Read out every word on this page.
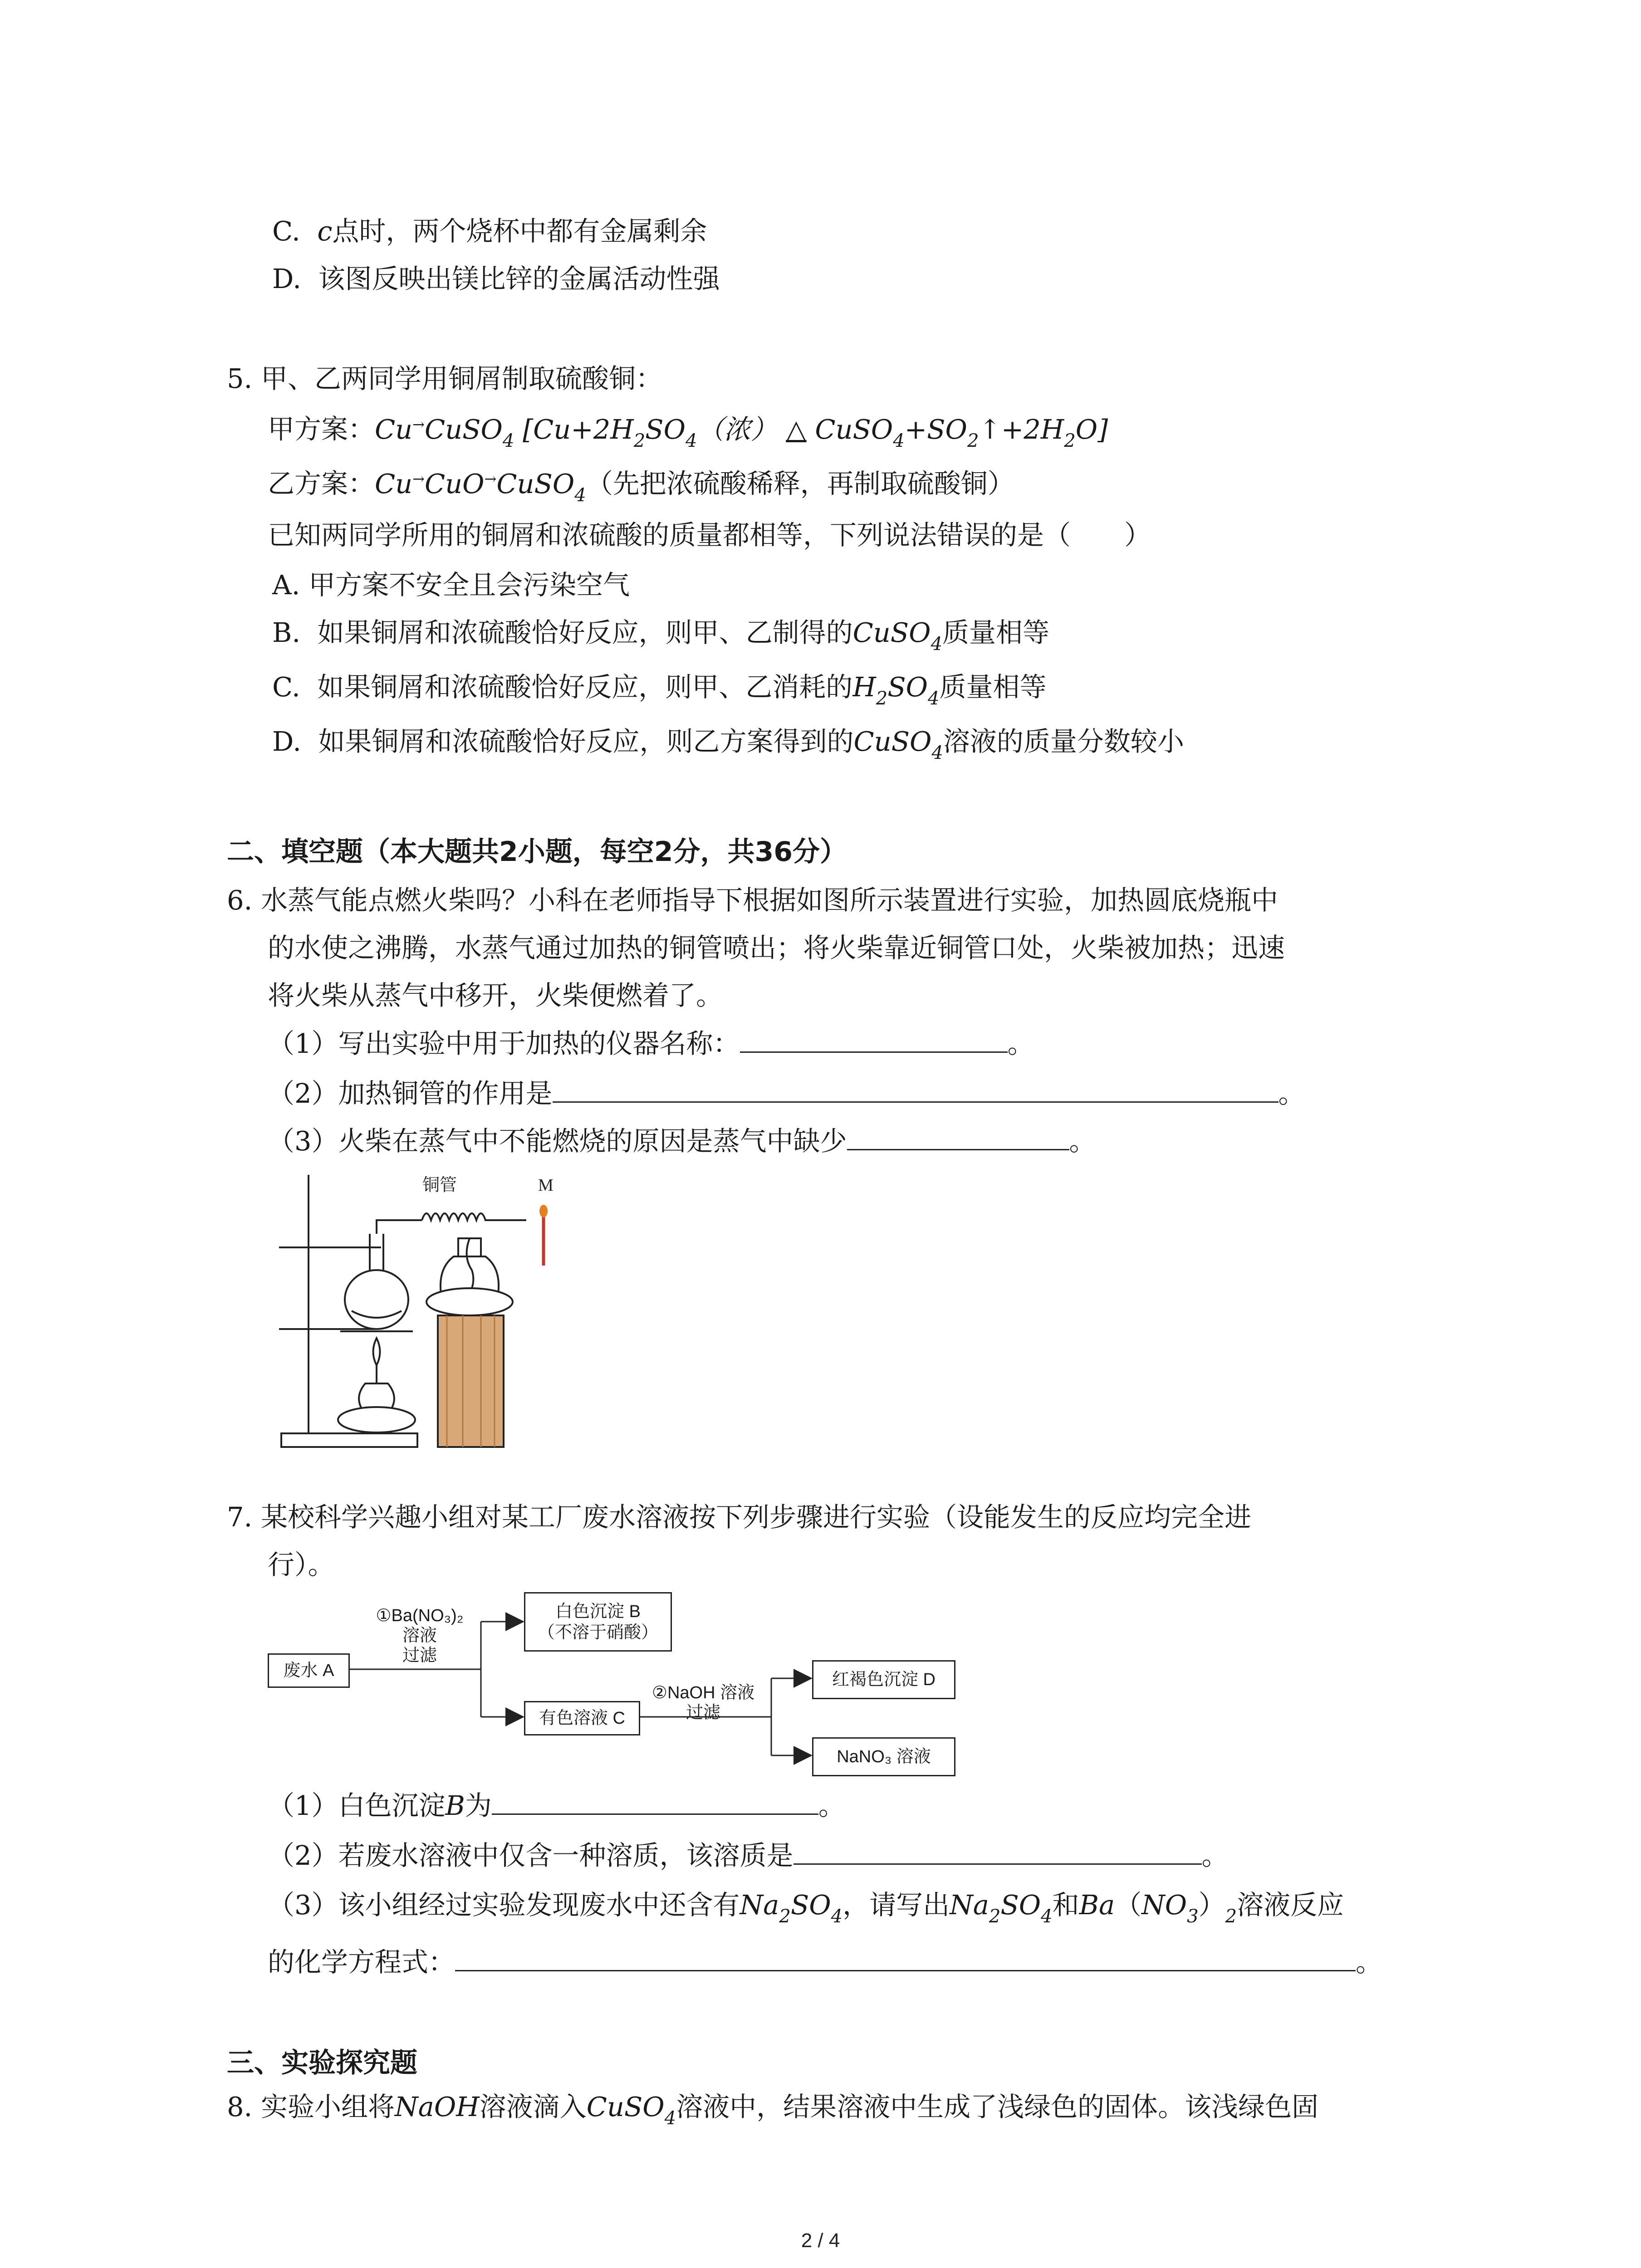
C. c点时，两个烧杯中都有金属剩余
D. 该图反映出镁比锌的金属活动性强
5. 甲、乙两同学用铜屑制取硫酸铜：
甲方案：Cu→CuSO$_4$ [$Cu+2H_2SO_4$（浓） △ $CuSO_4+SO_2↑+2H_2O$]
乙方案：Cu→CuO→CuSO$_4$（先把浓硫酸稀释，再制取硫酸铜）
已知两同学所用的铜屑和浓硫酸的质量都相等，下列说法错误的是（　　）
A. 甲方案不安全且会污染空气
B.  如果铜屑和浓硫酸恰好反应，则甲、乙制得的CuSO$_4$质量相等
C.  如果铜屑和浓硫酸恰好反应，则甲、乙消耗的$H_2SO_4$质量相等
D.  如果铜屑和浓硫酸恰好反应，则乙方案得到的CuSO$_4$溶液的质量分数较小
二、填空题（本大题共2小题，每空2分，共36分）
6. 水蒸气能点燃火柴吗？小科在老师指导下根据如图所示装置进行实验，加热圆底烧瓶中
的水使之沸腾，水蒸气通过加热的铜管喷出；将火柴靠近铜管口处，火柴被加热；迅速
将火柴从蒸气中移开，火柴便燃着了。
（1）写出实验中用于加热的仪器名称：	。
（2）加热铜管的作用是	。
（3）火柴在蒸气中不能燃烧的原因是蒸气中缺少	。
铜管	M
7. 某校科学兴趣小组对某工厂废水溶液按下列步骤进行实验（设能发生的反应均完全进
行）。
废水 A
①Ba(NO₃)₂
溶液
过滤
白色沉淀 B
（不溶于硝酸）
有色溶液 C
②NaOH 溶液
过滤
红褐色沉淀 D
NaNO₃ 溶液
（1）白色沉淀B为	。
（2）若废水溶液中仅含一种溶质，该溶质是	。
（3）该小组经过实验发现废水中还含有$Na_2SO_4$，请写出$Na_2SO_4$和$Ba(NO_3)_2$溶液反应
的化学方程式：	。
三、实验探究题
8. 实验小组将NaOH溶液滴入CuSO$_4$溶液中，结果溶液中生成了浅绿色的固体。该浅绿色固
2 / 4
